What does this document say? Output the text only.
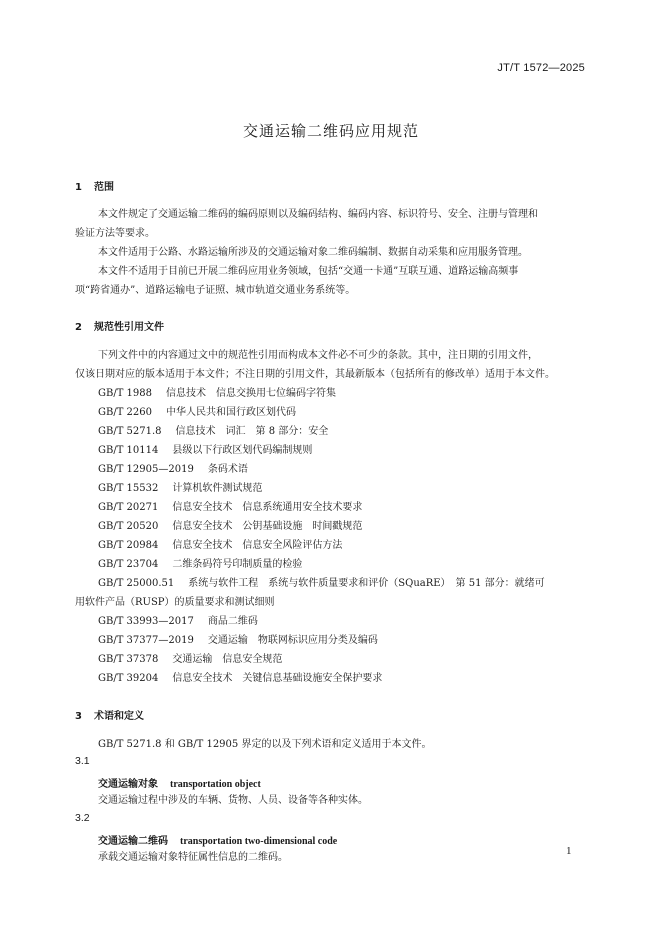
JT/T 1572—2025
交通运输二维码应用规范
1 范围
本文件规定了交通运输二维码的编码原则以及编码结构、编码内容、标识符号、安全、注册与管理和
验证方法等要求。
本文件适用于公路、水路运输所涉及的交通运输对象二维码编制、数据自动采集和应用服务管理。
本文件不适用于目前已开展二维码应用业务领域，包括“交通一卡通”互联互通、道路运输高频事
项“跨省通办”、道路运输电子证照、城市轨道交通业务系统等。
2 规范性引用文件
下列文件中的内容通过文中的规范性引用而构成本文件必不可少的条款。其中，注日期的引用文件，
仅该日期对应的版本适用于本文件；不注日期的引用文件，其最新版本（包括所有的修改单）适用于本文件。
GB/T 1988 信息技术　信息交换用七位编码字符集
GB/T 2260 中华人民共和国行政区划代码
GB/T 5271.8 信息技术　词汇　第 8 部分：安全
GB/T 10114 县级以下行政区划代码编制规则
GB/T 12905—2019 条码术语
GB/T 15532 计算机软件测试规范
GB/T 20271 信息安全技术　信息系统通用安全技术要求
GB/T 20520 信息安全技术　公钥基础设施　时间戳规范
GB/T 20984 信息安全技术　信息安全风险评估方法
GB/T 23704 二维条码符号印制质量的检验
GB/T 25000.51 系统与软件工程　系统与软件质量要求和评价（SQuaRE）　第 51 部分：就绪可
用软件产品（RUSP）的质量要求和测试细则
GB/T 33993—2017 商品二维码
GB/T 37377—2019 交通运输　物联网标识应用分类及编码
GB/T 37378 交通运输　信息安全规范
GB/T 39204 信息安全技术　关键信息基础设施安全保护要求
3 术语和定义
GB/T 5271.8 和 GB/T 12905 界定的以及下列术语和定义适用于本文件。
3.1
交通运输对象 transportation object
交通运输过程中涉及的车辆、货物、人员、设备等各种实体。
3.2
交通运输二维码 transportation two-dimensional code
承载交通运输对象特征属性信息的二维码。
1
